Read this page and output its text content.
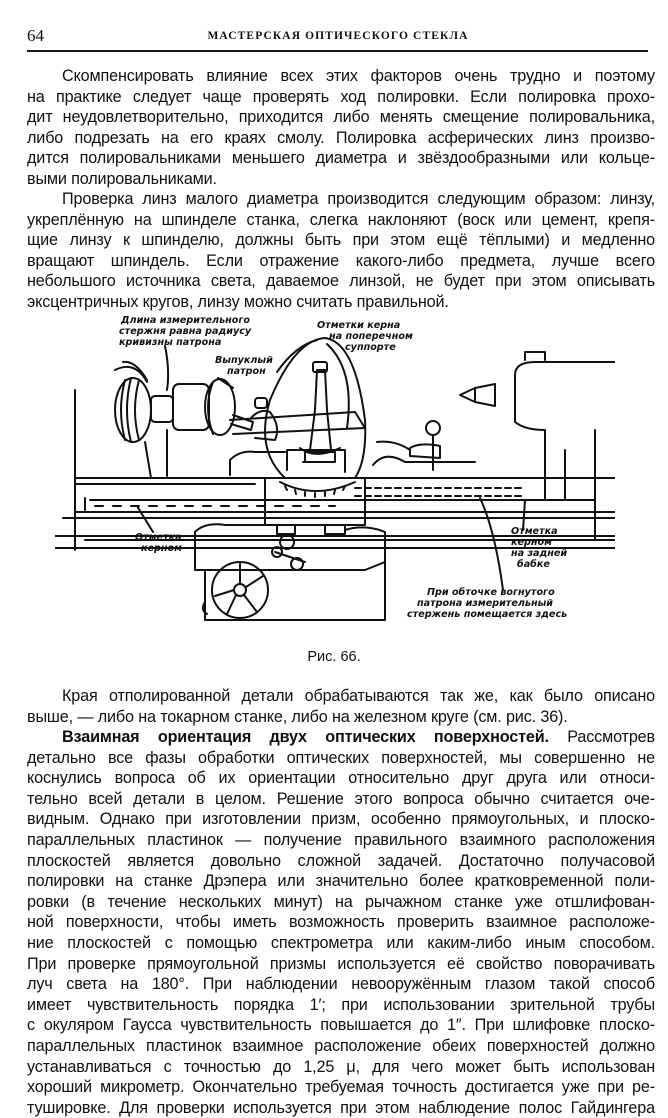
64	МАСТЕРСКАЯ ОПТИЧЕСКОГО СТЕКЛА
Скомпенсировать влияние всех этих факторов очень трудно и поэтому
на практике следует чаще проверять ход полировки. Если полировка прохо-
дит неудовлетворительно, приходится либо менять смещение полировальника,
либо подрезать на его краях смолу. Полировка асферических линз произво-
дится полировальниками меньшего диаметра и звёздообразными или кольце-
выми полировальниками.
Проверка линз малого диаметра производится следующим образом: линзу,
укреплённую на шпинделе станка, слегка наклоняют (воск или цемент, крепя-
щие линзу к шпинделю, должны быть при этом ещё тёплыми) и медленно
вращают шпиндель. Если отражение какого-либо предмета, лучше всего
небольшого источника света, даваемое линзой, не будет при этом описывать
эксцентричных кругов, линзу можно считать правильной.
Длина измерительного
стержня равна радиусу
кривизны патрона
Выпуклый
патрон
Отметки керна
на поперечном
суппорте
Отметка
керном
Отметка
керном
на задней
бабке
При обточке вогнутого
патрона измерительный
стержень помещается здесь
Рис. 66.
Края отполированной детали обрабатываются так же, как было описано
выше, — либо на токарном станке, либо на железном круге (см. рис. 36).
Взаимная ориентация двух оптических поверхностей. Рассмотрев
детально все фазы обработки оптических поверхностей, мы совершенно не
коснулись вопроса об их ориентации относительно друг друга или относи-
тельно всей детали в целом. Решение этого вопроса обычно считается оче-
видным. Однако при изготовлении призм, особенно прямоугольных, и плоско-
параллельных пластинок — получение правильного взаимного расположения
плоскостей является довольно сложной задачей. Достаточно получасовой
полировки на станке Дрэпера или значительно более кратковременной поли-
ровки (в течение нескольких минут) на рычажном станке уже отшлифован-
ной поверхности, чтобы иметь возможность проверить взаимное расположе-
ние плоскостей с помощью спектрометра или каким-либо иным способом.
При проверке прямоугольной призмы используется её свойство поворачивать
луч света на 180°. При наблюдении невооружённым глазом такой способ
имеет чувствительность порядка 1′; при использовании зрительной трубы
с окуляром Гаусса чувствительность повышается до 1″. При шлифовке плоско-
параллельных пластинок взаимное расположение обеих поверхностей должно
устанавливаться с точностью до 1,25 μ, для чего может быть использован
хороший микрометр. Окончательно требуемая точность достигается уже при ре-
тушировке. Для проверки используется при этом наблюдение полос Гайдингера
